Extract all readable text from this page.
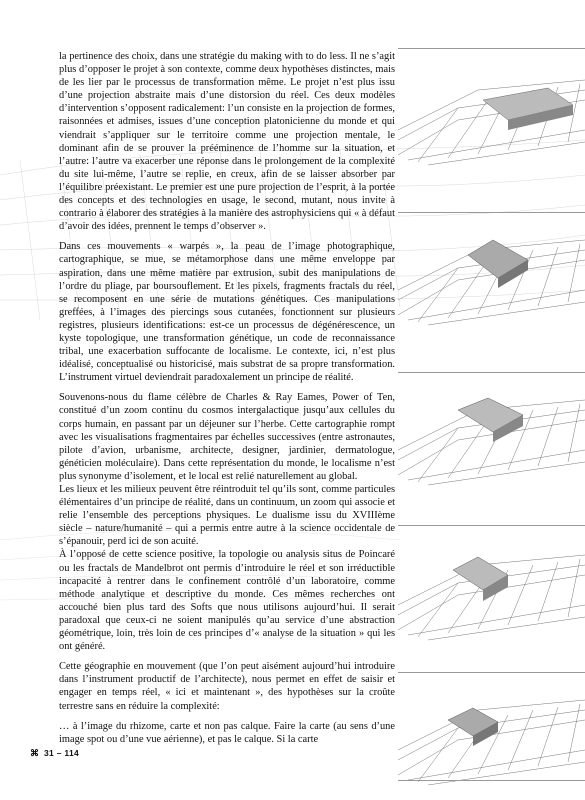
la pertinence des choix, dans une stratégie du making with to do less. Il ne s’agit plus d’opposer le projet à son contexte, comme deux hypothèses distinctes, mais de les lier par le processus de transformation même. Le projet n’est plus issu d’une projection abstraite mais d’une distorsion du réel. Ces deux modèles d’intervention s’opposent radicalement: l’un consiste en la projection de formes, raisonnées et admises, issues d’une conception platonicienne du monde et qui viendrait s’appliquer sur le territoire comme une projection mentale, le dominant afin de se prouver la prééminence de l’homme sur la situation, et l’autre: l’autre va exacerber une réponse dans le prolongement de la complexité du site lui-même, l’autre se replie, en creux, afin de se laisser absorber par l’équilibre préexistant. Le premier est une pure projection de l’esprit, à la portée des concepts et des technologies en usage, le second, mutant, nous invite à contrario à élaborer des stratégies à la manière des astrophysiciens qui « à défaut d’avoir des idées, prennent le temps d’observer ».

Dans ces mouvements « warpés », la peau de l’image photographique, cartographique, se mue, se métamorphose dans une même enveloppe par aspiration, dans une même matière par extrusion, subit des manipulations de l’ordre du pliage, par boursouflement. Et les pixels, fragments fractals du réel, se recomposent en une série de mutations génétiques. Ces manipulations greffées, à l’images des piercings sous cutanées, fonctionnent sur plusieurs registres, plusieurs identifications: est-ce un processus de dégénérescence, un kyste topologique, une transformation génétique, un code de reconnaissance tribal, une exacerbation suffocante de localisme. Le contexte, ici, n’est plus idéalisé, conceptualisé ou historicisé, mais substrat de sa propre transformation. L’instrument virtuel deviendrait paradoxalement un principe de réalité.

Souvenons-nous du flame célèbre de Charles & Ray Eames, Power of Ten, constitué d’un zoom continu du cosmos intergalactique jusqu’aux cellules du corps humain, en passant par un déjeuner sur l’herbe. Cette cartographie rompt avec les visualisations fragmentaires par échelles successives (entre astronautes, pilote d’avion, urbanisme, architecte, designer, jardinier, dermatologue, généticien moléculaire). Dans cette représentation du monde, le localisme n’est plus synonyme d’isolement, et le local est relié naturellement au global.

Les lieux et les milieux peuvent être réintroduit tel qu’ils sont, comme particules élémentaires d’un principe de réalité, dans un continuum, un zoom qui associe et relie l’ensemble des perceptions physiques. Le dualisme issu du XVIIIème siècle – nature/humanité – qui a permis entre autre à la science occidentale de s’épanouir, perd ici de son acuité.

À l’opposé de cette science positive, la topologie ou analysis situs de Poincaré ou les fractals de Mandelbrot ont permis d’introduire le réel et son irréductible incapacité à rentrer dans le confinement contrôlé d’un laboratoire, comme méthode analytique et descriptive du monde. Ces mêmes recherches ont accouché bien plus tard des Softs que nous utilisons aujourd’hui. Il serait paradoxal que ceux-ci ne soient manipulés qu’au service d’une abstraction géométrique, loin, très loin de ces principes d’« analyse de la situation » qui les ont généré.

Cette géographie en mouvement (que l’on peut aisément aujourd’hui introduire dans l’instrument productif de l’architecte), nous permet en effet de saisir et engager en temps réel, « ici et maintenant », des hypothèses sur la croûte terrestre sans en réduire la complexité:

… à l’image du rhizome, carte et non pas calque. Faire la carte (au sens d’une image spot ou d’une vue aérienne), et pas le calque. Si la carte

⌘ 31 – 114
